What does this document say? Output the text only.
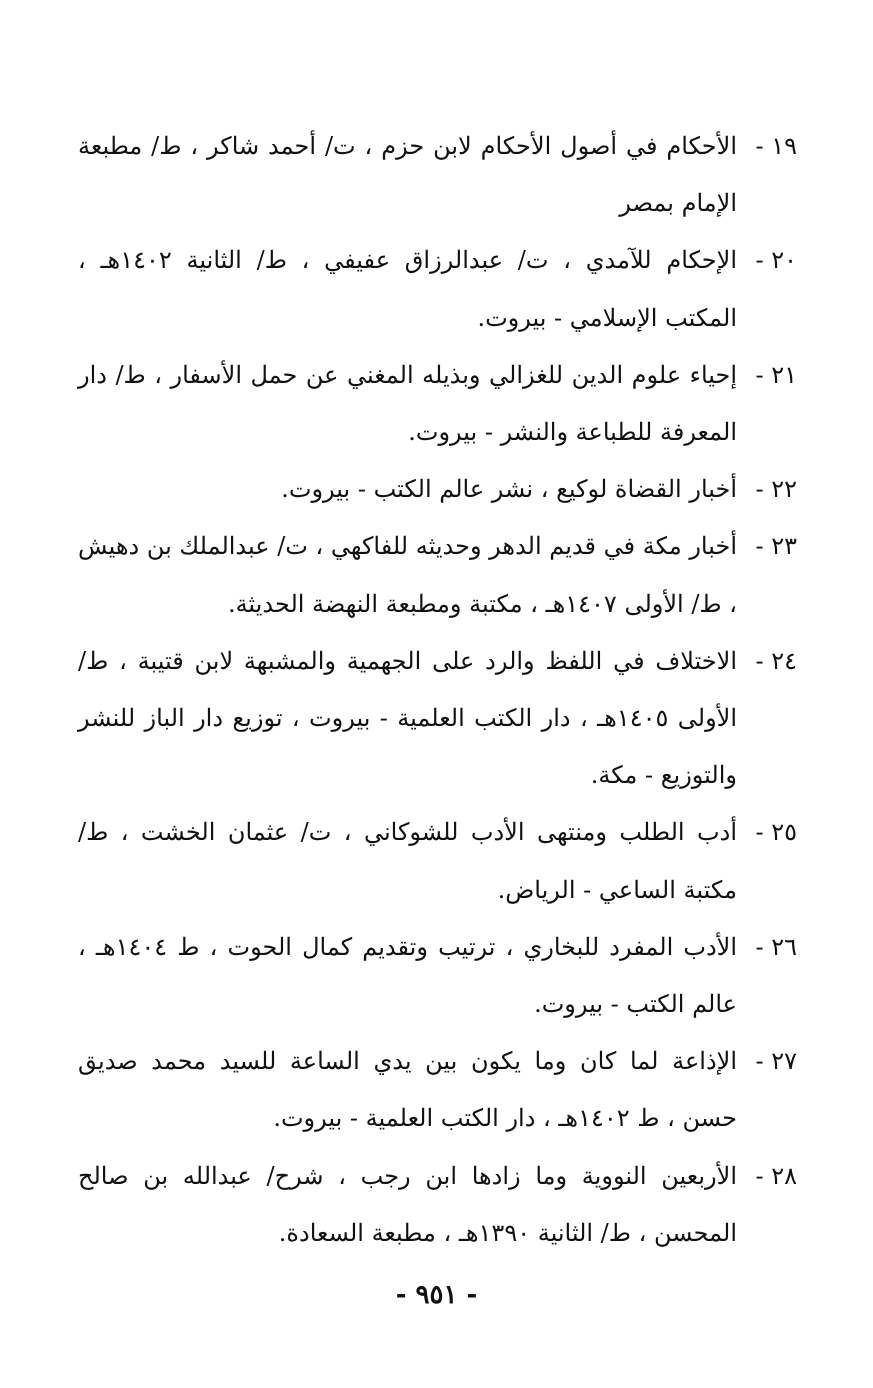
١٩ -
الأحكام في أصول الأحكام لابن حزم ، ت/ أحمد شاكر ، ط/ مطبعة الإمام بمصر
٢٠ -
الإحكام للآمدي ، ت/ عبدالرزاق عفيفي ، ط/ الثانية ١٤٠٢هـ ، المكتب الإسلامي - بيروت.
٢١ -
إحياء علوم الدين للغزالي وبذيله المغني عن حمل الأسفار ، ط/ دار المعرفة للطباعة والنشر - بيروت.
٢٢ -
أخبار القضاة لوكيع ، نشر عالم الكتب - بيروت.
٢٣ -
أخبار مكة في قديم الدهر وحديثه للفاكهي ، ت/ عبدالملك بن دهيش ، ط/ الأولى ١٤٠٧هـ ، مكتبة ومطبعة النهضة الحديثة.
٢٤ -
الاختلاف في اللفظ والرد على الجهمية والمشبهة لابن قتيبة ، ط/ الأولى ١٤٠٥هـ ، دار الكتب العلمية - بيروت ، توزيع دار الباز للنشر والتوزيع - مكة.
٢٥ -
أدب الطلب ومنتهى الأدب للشوكاني ، ت/ عثمان الخشت ، ط/ مكتبة الساعي - الرياض.
٢٦ -
الأدب المفرد للبخاري ، ترتيب وتقديم كمال الحوت ، ط ١٤٠٤هـ ، عالم الكتب - بيروت.
٢٧ -
الإذاعة لما كان وما يكون بين يدي الساعة للسيد محمد صديق حسن ، ط ١٤٠٢هـ ، دار الكتب العلمية - بيروت.
٢٨ -
الأربعين النووية وما زادها ابن رجب ، شرح/ عبدالله بن صالح المحسن ، ط/ الثانية ١٣٩٠هـ ، مطبعة السعادة.
- ٩٥١ -
